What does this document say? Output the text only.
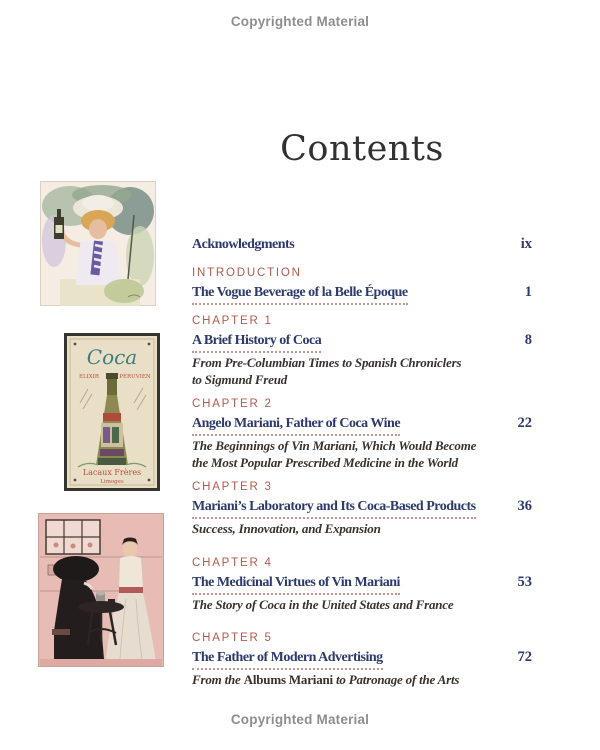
Copyrighted Material
Coca
ELIXIR	PÉRUVIEN
Lacaux Frères
Limoges
Contents
Acknowledgments	ix
INTRODUCTION
The Vogue Beverage of la Belle Époque	1
CHAPTER 1
A Brief History of Coca	8
From Pre-Columbian Times to Spanish Chroniclers
to Sigmund Freud
CHAPTER 2
Angelo Mariani, Father of Coca Wine	22
The Beginnings of Vin Mariani, Which Would Become
the Most Popular Prescribed Medicine in the World
CHAPTER 3
Mariani’s Laboratory and Its Coca-Based Products	36
Success, Innovation, and Expansion
CHAPTER 4
The Medicinal Virtues of Vin Mariani	53
The Story of Coca in the United States and France
CHAPTER 5
The Father of Modern Advertising	72
From the Albums Mariani to Patronage of the Arts
Copyrighted Material
